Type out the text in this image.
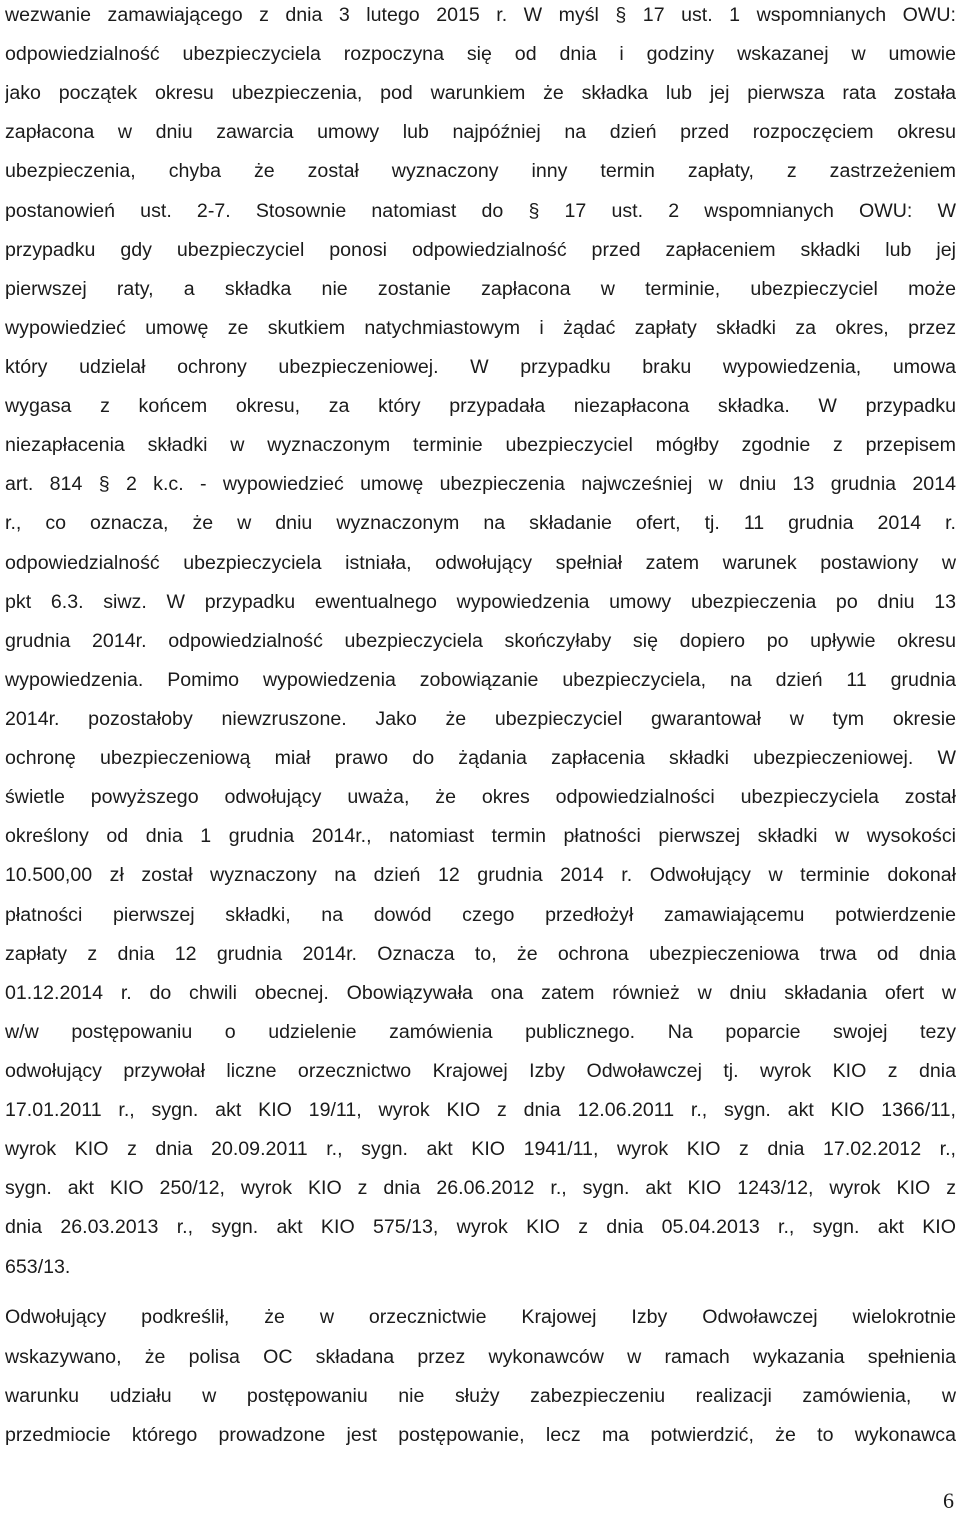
wezwanie zamawiającego z dnia 3 lutego 2015 r. W myśl § 17 ust. 1 wspomnianych OWU:
odpowiedzialność ubezpieczyciela rozpoczyna się od dnia i godziny wskazanej w umowie
jako początek okresu ubezpieczenia, pod warunkiem że składka lub jej pierwsza rata została
zapłacona w dniu zawarcia umowy lub najpóźniej na dzień przed rozpoczęciem okresu
ubezpieczenia, chyba że został wyznaczony inny termin zapłaty, z zastrzeżeniem
postanowień ust. 2-7. Stosownie natomiast do § 17 ust. 2 wspomnianych OWU: W
przypadku gdy ubezpieczyciel ponosi odpowiedzialność przed zapłaceniem składki lub jej
pierwszej raty, a składka nie zostanie zapłacona w terminie, ubezpieczyciel może
wypowiedzieć umowę ze skutkiem natychmiastowym i żądać zapłaty składki za okres, przez
który udzielał ochrony ubezpieczeniowej. W przypadku braku wypowiedzenia, umowa
wygasa z końcem okresu, za który przypadała niezapłacona składka. W przypadku
niezapłacenia składki w wyznaczonym terminie ubezpieczyciel mógłby zgodnie z przepisem
art. 814 § 2 k.c. - wypowiedzieć umowę ubezpieczenia najwcześniej w dniu 13 grudnia 2014
r., co oznacza, że w dniu wyznaczonym na składanie ofert, tj. 11 grudnia 2014 r.
odpowiedzialność ubezpieczyciela istniała, odwołujący spełniał zatem warunek postawiony w
pkt 6.3. siwz. W przypadku ewentualnego wypowiedzenia umowy ubezpieczenia po dniu 13
grudnia 2014r. odpowiedzialność ubezpieczyciela skończyłaby się dopiero po upływie okresu
wypowiedzenia. Pomimo wypowiedzenia zobowiązanie ubezpieczyciela, na dzień 11 grudnia
2014r. pozostałoby niewzruszone. Jako że ubezpieczyciel gwarantował w tym okresie
ochronę ubezpieczeniową miał prawo do żądania zapłacenia składki ubezpieczeniowej. W
świetle powyższego odwołujący uważa, że okres odpowiedzialności ubezpieczyciela został
określony od dnia 1 grudnia 2014r., natomiast termin płatności pierwszej składki w wysokości
10.500,00 zł został wyznaczony na dzień 12 grudnia 2014 r. Odwołujący w terminie dokonał
płatności pierwszej składki, na dowód czego przedłożył zamawiającemu potwierdzenie
zapłaty z dnia 12 grudnia 2014r. Oznacza to, że ochrona ubezpieczeniowa trwa od dnia
01.12.2014 r. do chwili obecnej. Obowiązywała ona zatem również w dniu składania ofert w
w/w postępowaniu o udzielenie zamówienia publicznego. Na poparcie swojej tezy
odwołujący przywołał liczne orzecznictwo Krajowej Izby Odwoławczej tj. wyrok KIO z dnia
17.01.2011 r., sygn. akt KIO 19/11, wyrok KIO z dnia 12.06.2011 r., sygn. akt KIO 1366/11,
wyrok KIO z dnia 20.09.2011 r., sygn. akt KIO 1941/11, wyrok KIO z dnia 17.02.2012 r.,
sygn. akt KIO 250/12, wyrok KIO z dnia 26.06.2012 r., sygn. akt KIO 1243/12, wyrok KIO z
dnia 26.03.2013 r., sygn. akt KIO 575/13, wyrok KIO z dnia 05.04.2013 r., sygn. akt KIO
653/13.
Odwołujący podkreślił, że w orzecznictwie Krajowej Izby Odwoławczej wielokrotnie
wskazywano, że polisa OC składana przez wykonawców w ramach wykazania spełnienia
warunku udziału w postępowaniu nie służy zabezpieczeniu realizacji zamówienia, w
przedmiocie którego prowadzone jest postępowanie, lecz ma potwierdzić, że to wykonawca
6
